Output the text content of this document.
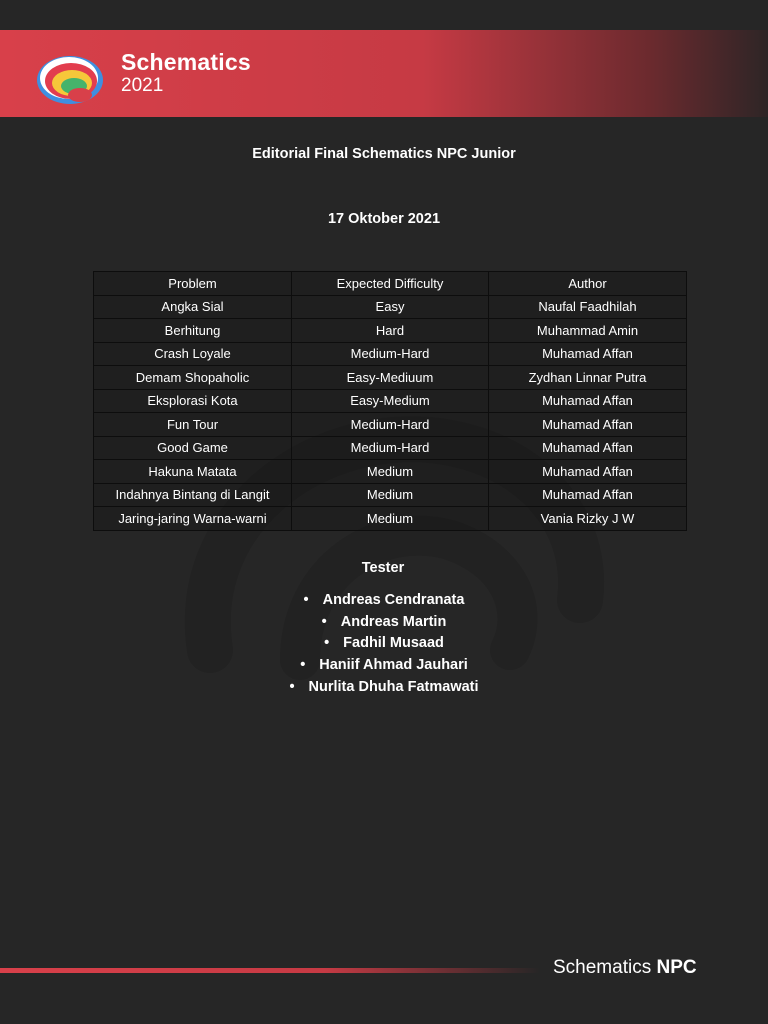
Schematics
2021
Editorial Final Schematics NPC Junior
17 Oktober 2021
Problem	Expected Difficulty	Author
Angka Sial	Easy	Naufal Faadhilah
Berhitung	Hard	Muhammad Amin
Crash Loyale	Medium-Hard	Muhamad Affan
Demam Shopaholic	Easy-Mediuum	Zydhan Linnar Putra
Eksplorasi Kota	Easy-Medium	Muhamad Affan
Fun Tour	Medium-Hard	Muhamad Affan
Good Game	Medium-Hard	Muhamad Affan
Hakuna Matata	Medium	Muhamad Affan
Indahnya Bintang di Langit	Medium	Muhamad Affan
Jaring-jaring Warna-warni	Medium	Vania Rizky J W
Tester
• Andreas Cendranata
• Andreas Martin
• Fadhil Musaad
• Haniif Ahmad Jauhari
• Nurlita Dhuha Fatmawati
Schematics NPC
